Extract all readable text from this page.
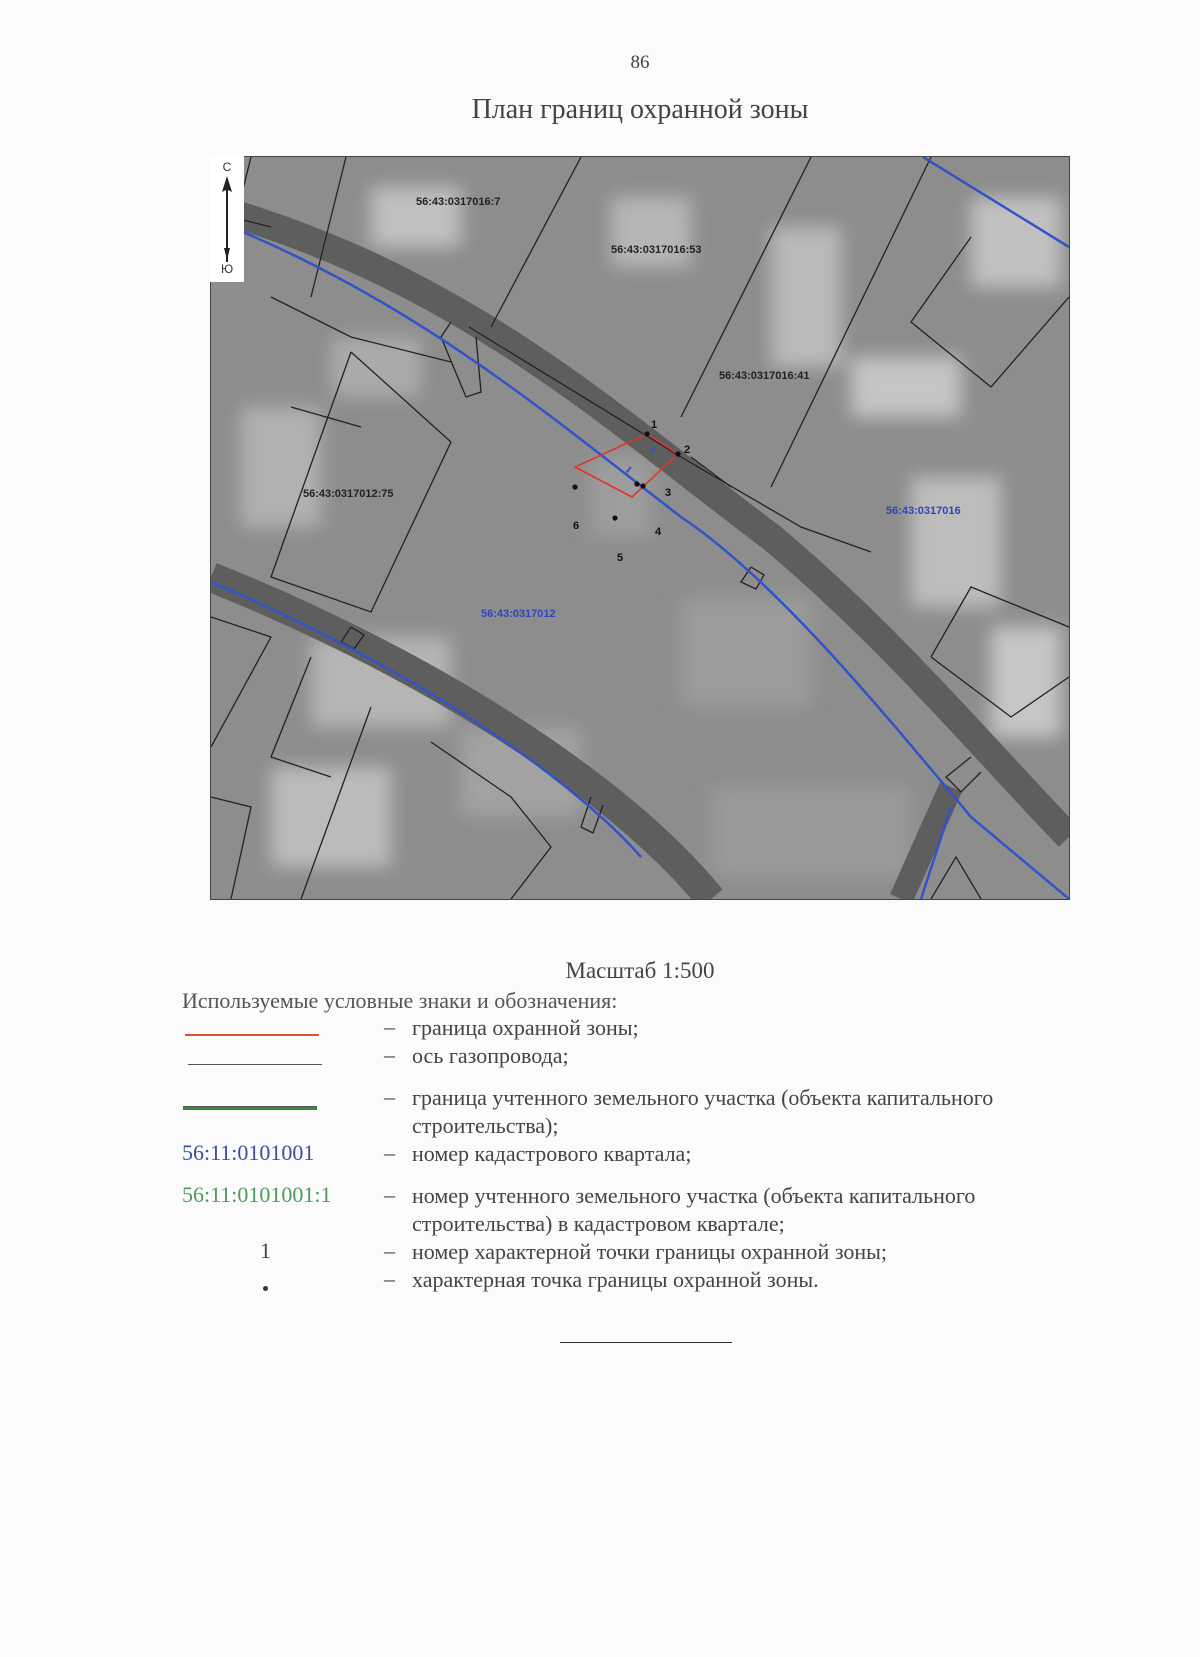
86
План границ охранной зоны
56:43:0317016:7
56:43:0317016:53
56:43:0317016:41
56:43:0317012:75
56:43:0317016
56:43:0317012
1
2
3
4
5
6
С
Ю
Масштаб 1:500
Используемые условные знаки и обозначения:
– граница охранной зоны;
– ось газопровода;
– граница учтенного земельного участка (объекта капитального строительства);
56:11:0101001	– номер кадастрового квартала;
56:11:0101001:1 – номер учтенного земельного участка (объекта капитального строительства) в кадастровом квартале;
1	– номер характерной точки границы охранной зоны;
– характерная точка границы охранной зоны.
